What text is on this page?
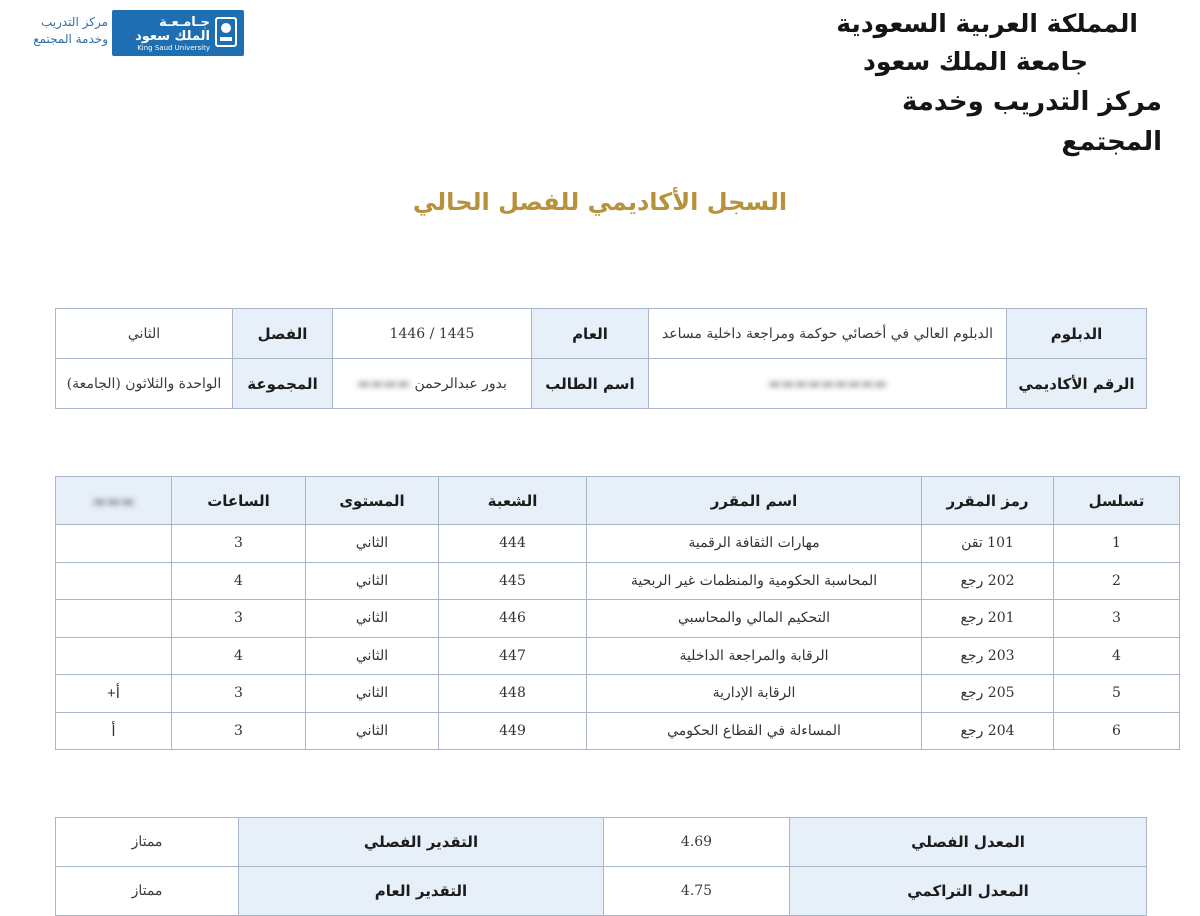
المملكة العربية السعودية
جامعة الملك سعود
مركز التدريب وخدمة المجتمع
جـامـعـة
الملك سعود
King Saud University
مركز التدريب
وخدمة المجتمع
السجل الأكاديمي للفصل الحالي
الدبلوم	الدبلوم العالي في أخصائي حوكمة ومراجعة داخلية مساعد	العام	1445 / 1446	الفصل	الثاني
الرقم الأكاديمي	▬▬▬▬▬▬▬▬▬	اسم الطالب	بدور عبدالرحمن ▬▬▬▬	المجموعة	الواحدة والثلاثون (الجامعة)
تسلسل	رمز المقرر	اسم المقرر	الشعبة	المستوى	الساعات	▬▬▬
1	101 تقن	مهارات الثقافة الرقمية	444	الثاني	3	
2	202 رجع	المحاسبة الحكومية والمنظمات غير الربحية	445	الثاني	4	
3	201 رجع	التحكيم المالي والمحاسبي	446	الثاني	3	
4	203 رجع	الرقابة والمراجعة الداخلية	447	الثاني	4	
5	205 رجع	الرقابة الإدارية	448	الثاني	3	أ+
6	204 رجع	المساءلة في القطاع الحكومي	449	الثاني	3	أ
المعدل الفصلي	4.69	التقدير الفصلي	ممتاز
المعدل التراكمي	4.75	التقدير العام	ممتاز
